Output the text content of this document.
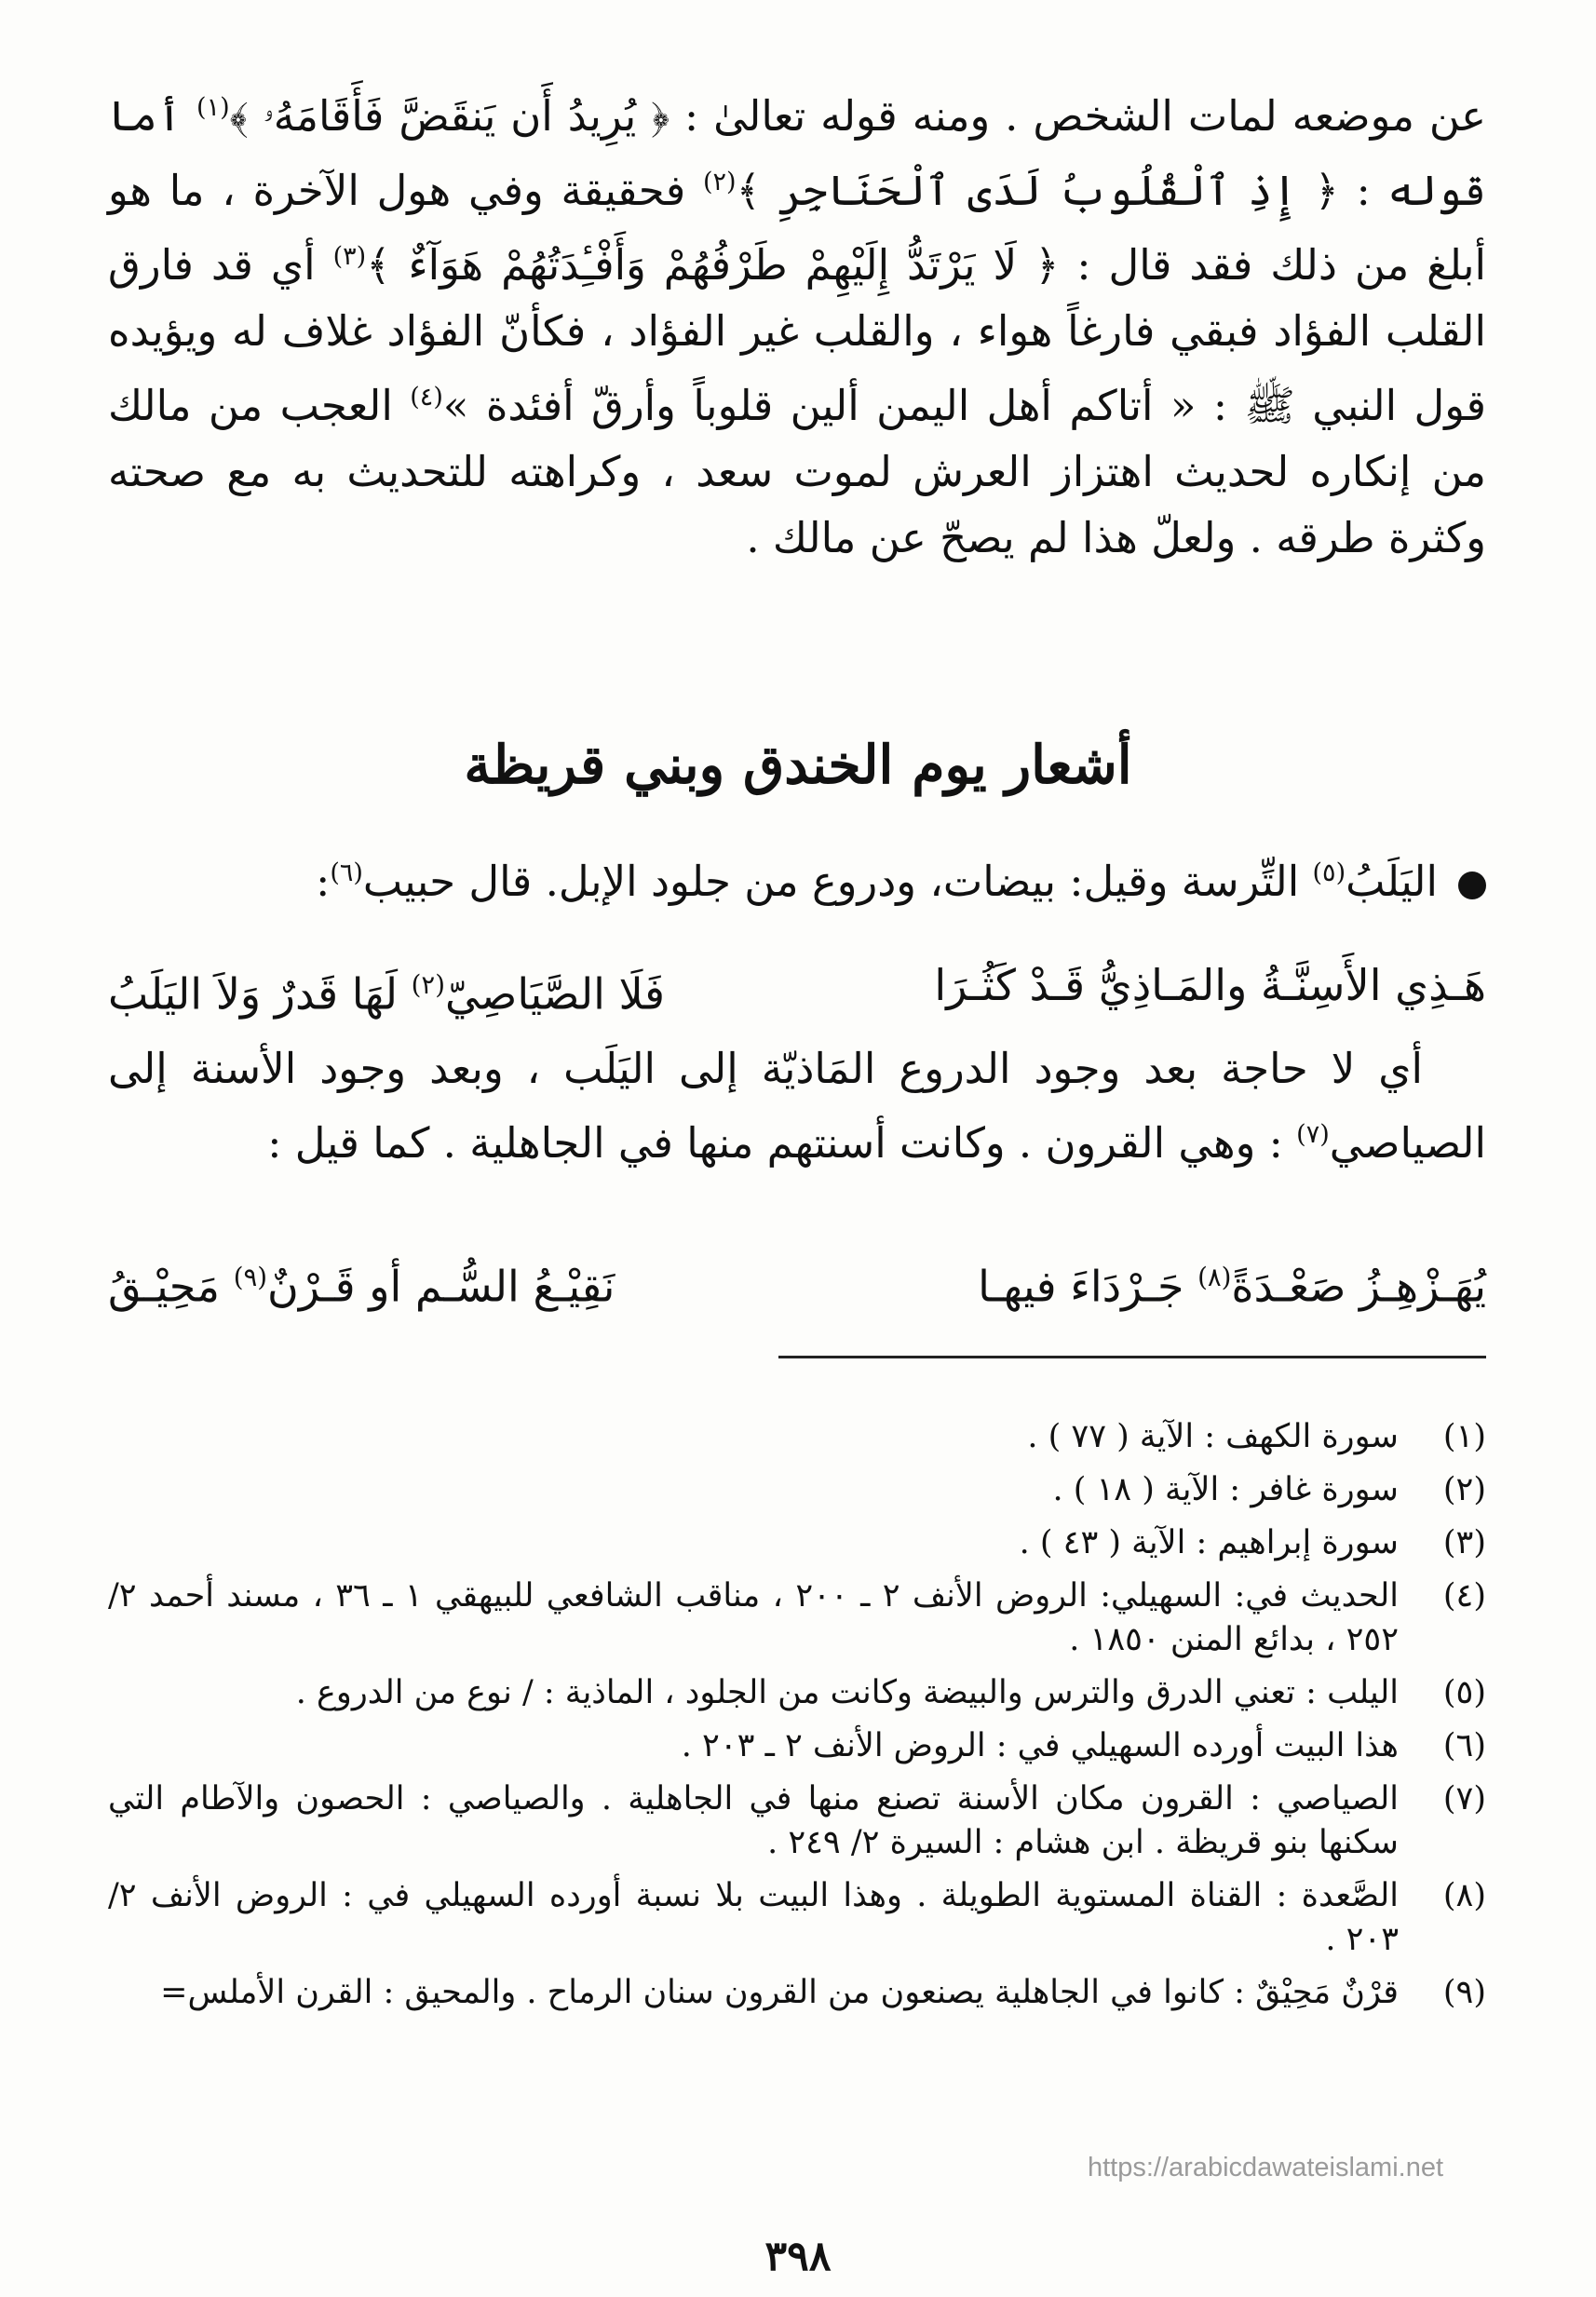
عن موضعه لمات الشخص . ومنه قوله تعالىٰ : ﴿ يُرِيدُ أَن يَنقَضَّ فَأَقَامَهُۥ ﴾$^{(١)}$ أما قوله : ﴿ إِذِ ٱلْقُلُوبُ لَدَى ٱلْحَنَاجِرِ ﴾$^{(٢)}$ فحقيقة وفي هول الآخرة ، ما هو أبلغ من ذلك فقد قال : ﴿ لَا يَرْتَدُّ إِلَيْهِمْ طَرْفُهُمْ وَأَفْـِٔدَتُهُمْ هَوَآءٌ ﴾$^{(٣)}$ أي قد فارق القلب الفؤاد فبقي فارغاً هواء ، والقلب غير الفؤاد ، فكأنّ الفؤاد غلاف له ويؤيده قول النبي ﷺ : « أتاكم أهل اليمن ألين قلوباً وأرقّ أفئدة »$^{(٤)}$ العجب من مالك من إنكاره لحديث اهتزاز العرش لموت سعد ، وكراهته للتحديث به مع صحته وكثرة طرقه . ولعلّ هذا لم يصحّ عن مالك .

أشعار يوم الخندق وبني قريظة

اليَلَبُ$^{(٥)}$ التِّرسة وقيل: بيضات، ودروع من جلود الإبل. قال حبيب$^{(٦)}$:

هَـذِي الأَسِنَّـةُ والمَـاذِيُّ قَـدْ كَثُـرَا
فَلَا الصَّيَاصِيّ$^{(٢)}$ لَهَا قَدرٌ وَلاَ اليَلَبُ

أي لا حاجة بعد وجود الدروع المَاذيّة إلى اليَلَب ، وبعد وجود الأسنة إلى الصياصي$^{(٧)}$ : وهي القرون . وكانت أسنتهم منها في الجاهلية . كما قيل :

يُهَـزْهِـزُ صَعْـدَةً$^{(٨)}$ جَـرْدَاءَ فيهـا
نَقِيْـعُ السُّـم أو قَـرْنٌ$^{(٩)}$ مَحِيْـقُ
(١)
سورة الكهف : الآية ( ٧٧ ) .
(٢)
سورة غافر : الآية ( ١٨ ) .
(٣)
سورة إبراهيم : الآية ( ٤٣ ) .
(٤)
الحديث في: السهيلي: الروض الأنف ٢ ـ ٢٠٠ ، مناقب الشافعي للبيهقي ١ ـ ٣٦ ، مسند أحمد ٢/ ٢٥٢ ، بدائع المنن ١٨٥٠ .
(٥)
اليلب : تعني الدرق والترس والبيضة وكانت من الجلود ، الماذية : / نوع من الدروع .
(٦)
هذا البيت أورده السهيلي في : الروض الأنف ٢ ـ ٢٠٣ .
(٧)
الصياصي : القرون مكان الأسنة تصنع منها في الجاهلية . والصياصي : الحصون والآطام التي سكنها بنو قريظة . ابن هشام : السيرة ٢/ ٢٤٩ .
(٨)
الصَّعدة : القناة المستوية الطويلة . وهذا البيت بلا نسبة أورده السهيلي في : الروض الأنف ٢/ ٢٠٣ .
(٩)
قرْنٌ مَحِيْقٌ : كانوا في الجاهلية يصنعون من القرون سنان الرماح . والمحيق : القرن الأملس=
https://arabicdawateislami.net
٣٩٨
